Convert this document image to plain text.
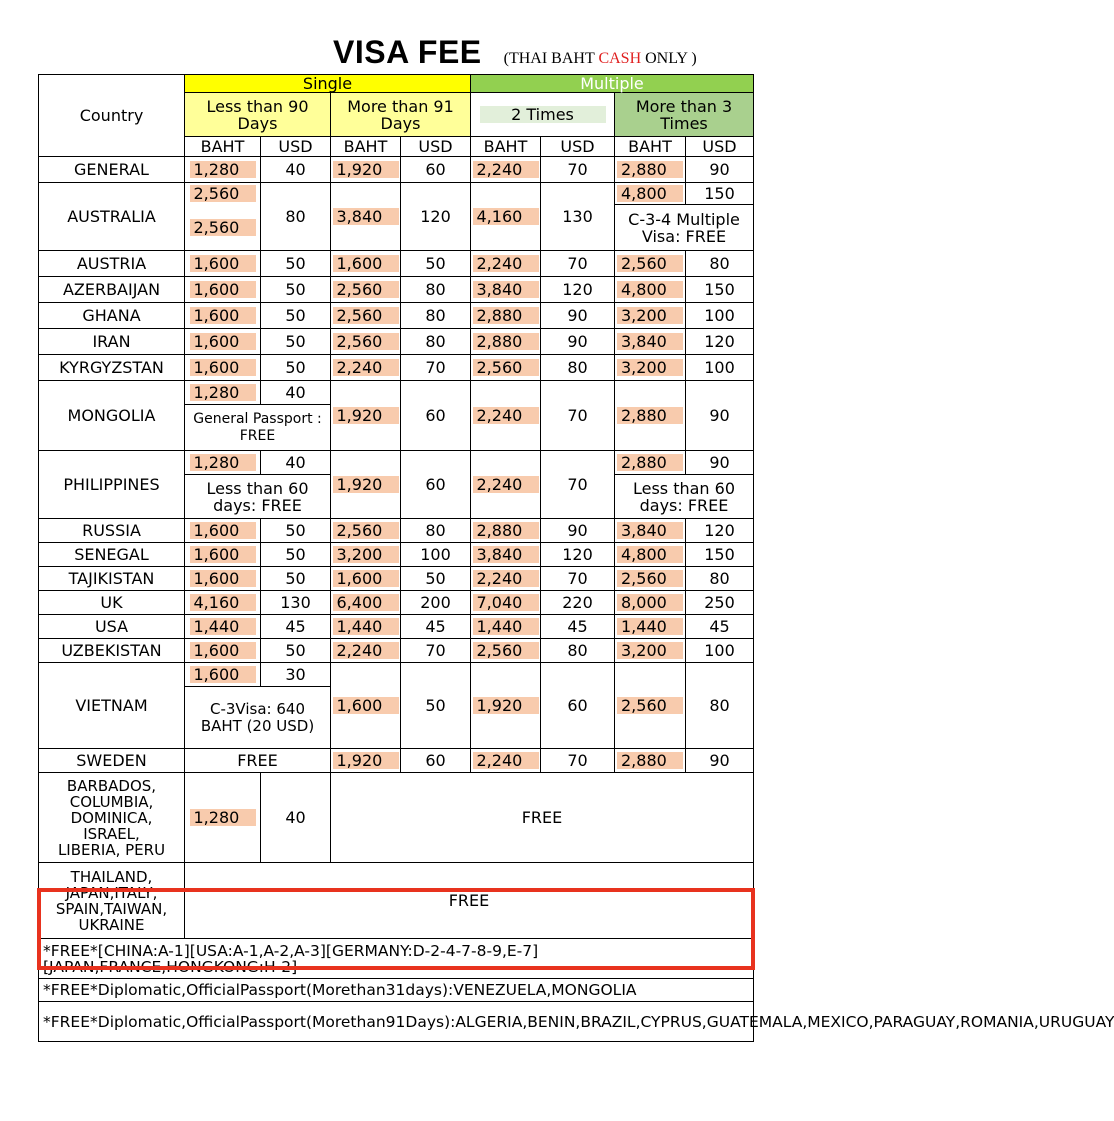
VISA FEE (THAI BAHT CASH ONLY )
Country	Single				Multiple			
	Less than 90 Days		More than 91 Days		2 Times		More than 3 Times	
	BAHT	USD	BAHT	USD	BAHT	USD	BAHT	USD
GENERAL	1,280	40	1,920	60	2,240	70	2,880	90
AUSTRALIA	2,560	80	3,840	120	4,160	130	4,800	150
	2,560						C-3-4 Multiple Visa: FREE	
AUSTRIA	1,600	50	1,600	50	2,240	70	2,560	80
AZERBAIJAN	1,600	50	2,560	80	3,840	120	4,800	150
GHANA	1,600	50	2,560	80	2,880	90	3,200	100
IRAN	1,600	50	2,560	80	2,880	90	3,840	120
KYRGYZSTAN	1,600	50	2,240	70	2,560	80	3,200	100
MONGOLIA	1,280	40	1,920	60	2,240	70	2,880	90
	General Passport : FREE							
PHILIPPINES	1,280	40	1,920	60	2,240	70	2,880	90
	Less than 60 days: FREE						Less than 60 days: FREE	
RUSSIA	1,600	50	2,560	80	2,880	90	3,840	120
SENEGAL	1,600	50	3,200	100	3,840	120	4,800	150
TAJIKISTAN	1,600	50	1,600	50	2,240	70	2,560	80
UK	4,160	130	6,400	200	7,040	220	8,000	250
USA	1,440	45	1,440	45	1,440	45	1,440	45
UZBEKISTAN	1,600	50	2,240	70	2,560	80	3,200	100
VIETNAM	1,600	30	1,600	50	1,920	60	2,560	80

	C-3Visa: 640 BAHT (20 USD)							

SWEDEN	FREE		1,920	60	2,240	70	2,880	90

BARBADOS, COLUMBIA, DOMINICA, ISRAEL, LIBERIA, PERU	1,280	40	FREE					

THAILAND, JAPAN,ITALY, SPAIN,TAIWAN, UKRAINE	FREE							
*FREE*[CHINA:A-1][USA:A-1,A-2,A-3][GERMANY:D-2-4-7-8-9,E-7][JAPAN,FRANCE,HONGKONG:H-2]								
*FREE*Diplomatic,OfficialPassport(Morethan31days):VENEZUELA,MONGOLIA								
*FREE*Diplomatic,OfficialPassport(Morethan91Days):ALGERIA,BENIN,BRAZIL,CYPRUS,GUATEMALA,MEXICO,PARAGUAY,ROMANIA,URUGUAY								
